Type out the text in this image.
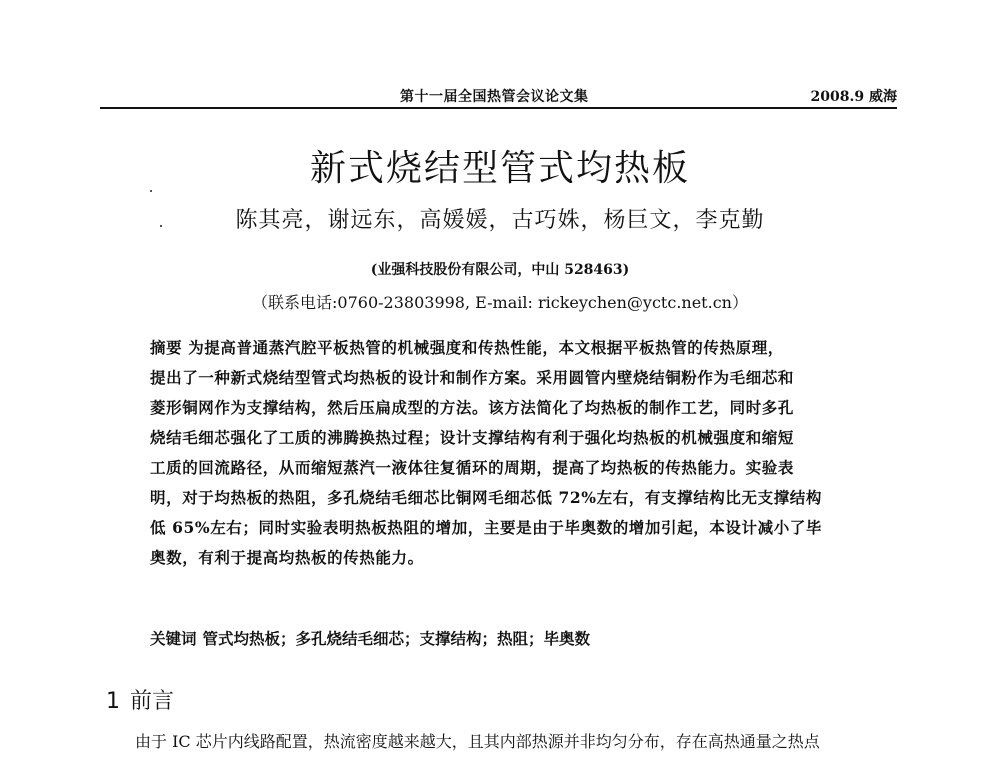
第十一届全国热管会议论文集	2008.9 威海
新式烧结型管式均热板
陈其亮，谢远东，高媛媛，古巧姝，杨巨文，李克勤
(业强科技股份有限公司，中山 528463)
（联系电话:0760-23803998, E-mail: rickeychen@yctc.net.cn）
摘要 为提高普通蒸汽腔平板热管的机械强度和传热性能，本文根据平板热管的传热原理，
提出了一种新式烧结型管式均热板的设计和制作方案。采用圆管内壁烧结铜粉作为毛细芯和
菱形铜网作为支撑结构，然后压扁成型的方法。该方法简化了均热板的制作工艺，同时多孔
烧结毛细芯强化了工质的沸腾换热过程；设计支撑结构有利于强化均热板的机械强度和缩短
工质的回流路径，从而缩短蒸汽一液体往复循环的周期，提高了均热板的传热能力。实验表
明，对于均热板的热阻，多孔烧结毛细芯比铜网毛细芯低 72%左右，有支撑结构比无支撑结构
低 65%左右；同时实验表明热板热阻的增加，主要是由于毕奥数的增加引起，本设计减小了毕
奥数，有利于提高均热板的传热能力。
关键词 管式均热板；多孔烧结毛细芯；支撑结构；热阻；毕奥数
1 前言
由于 IC 芯片内线路配置，热流密度越来越大，且其内部热源并非均匀分布，存在高热通量之热点
